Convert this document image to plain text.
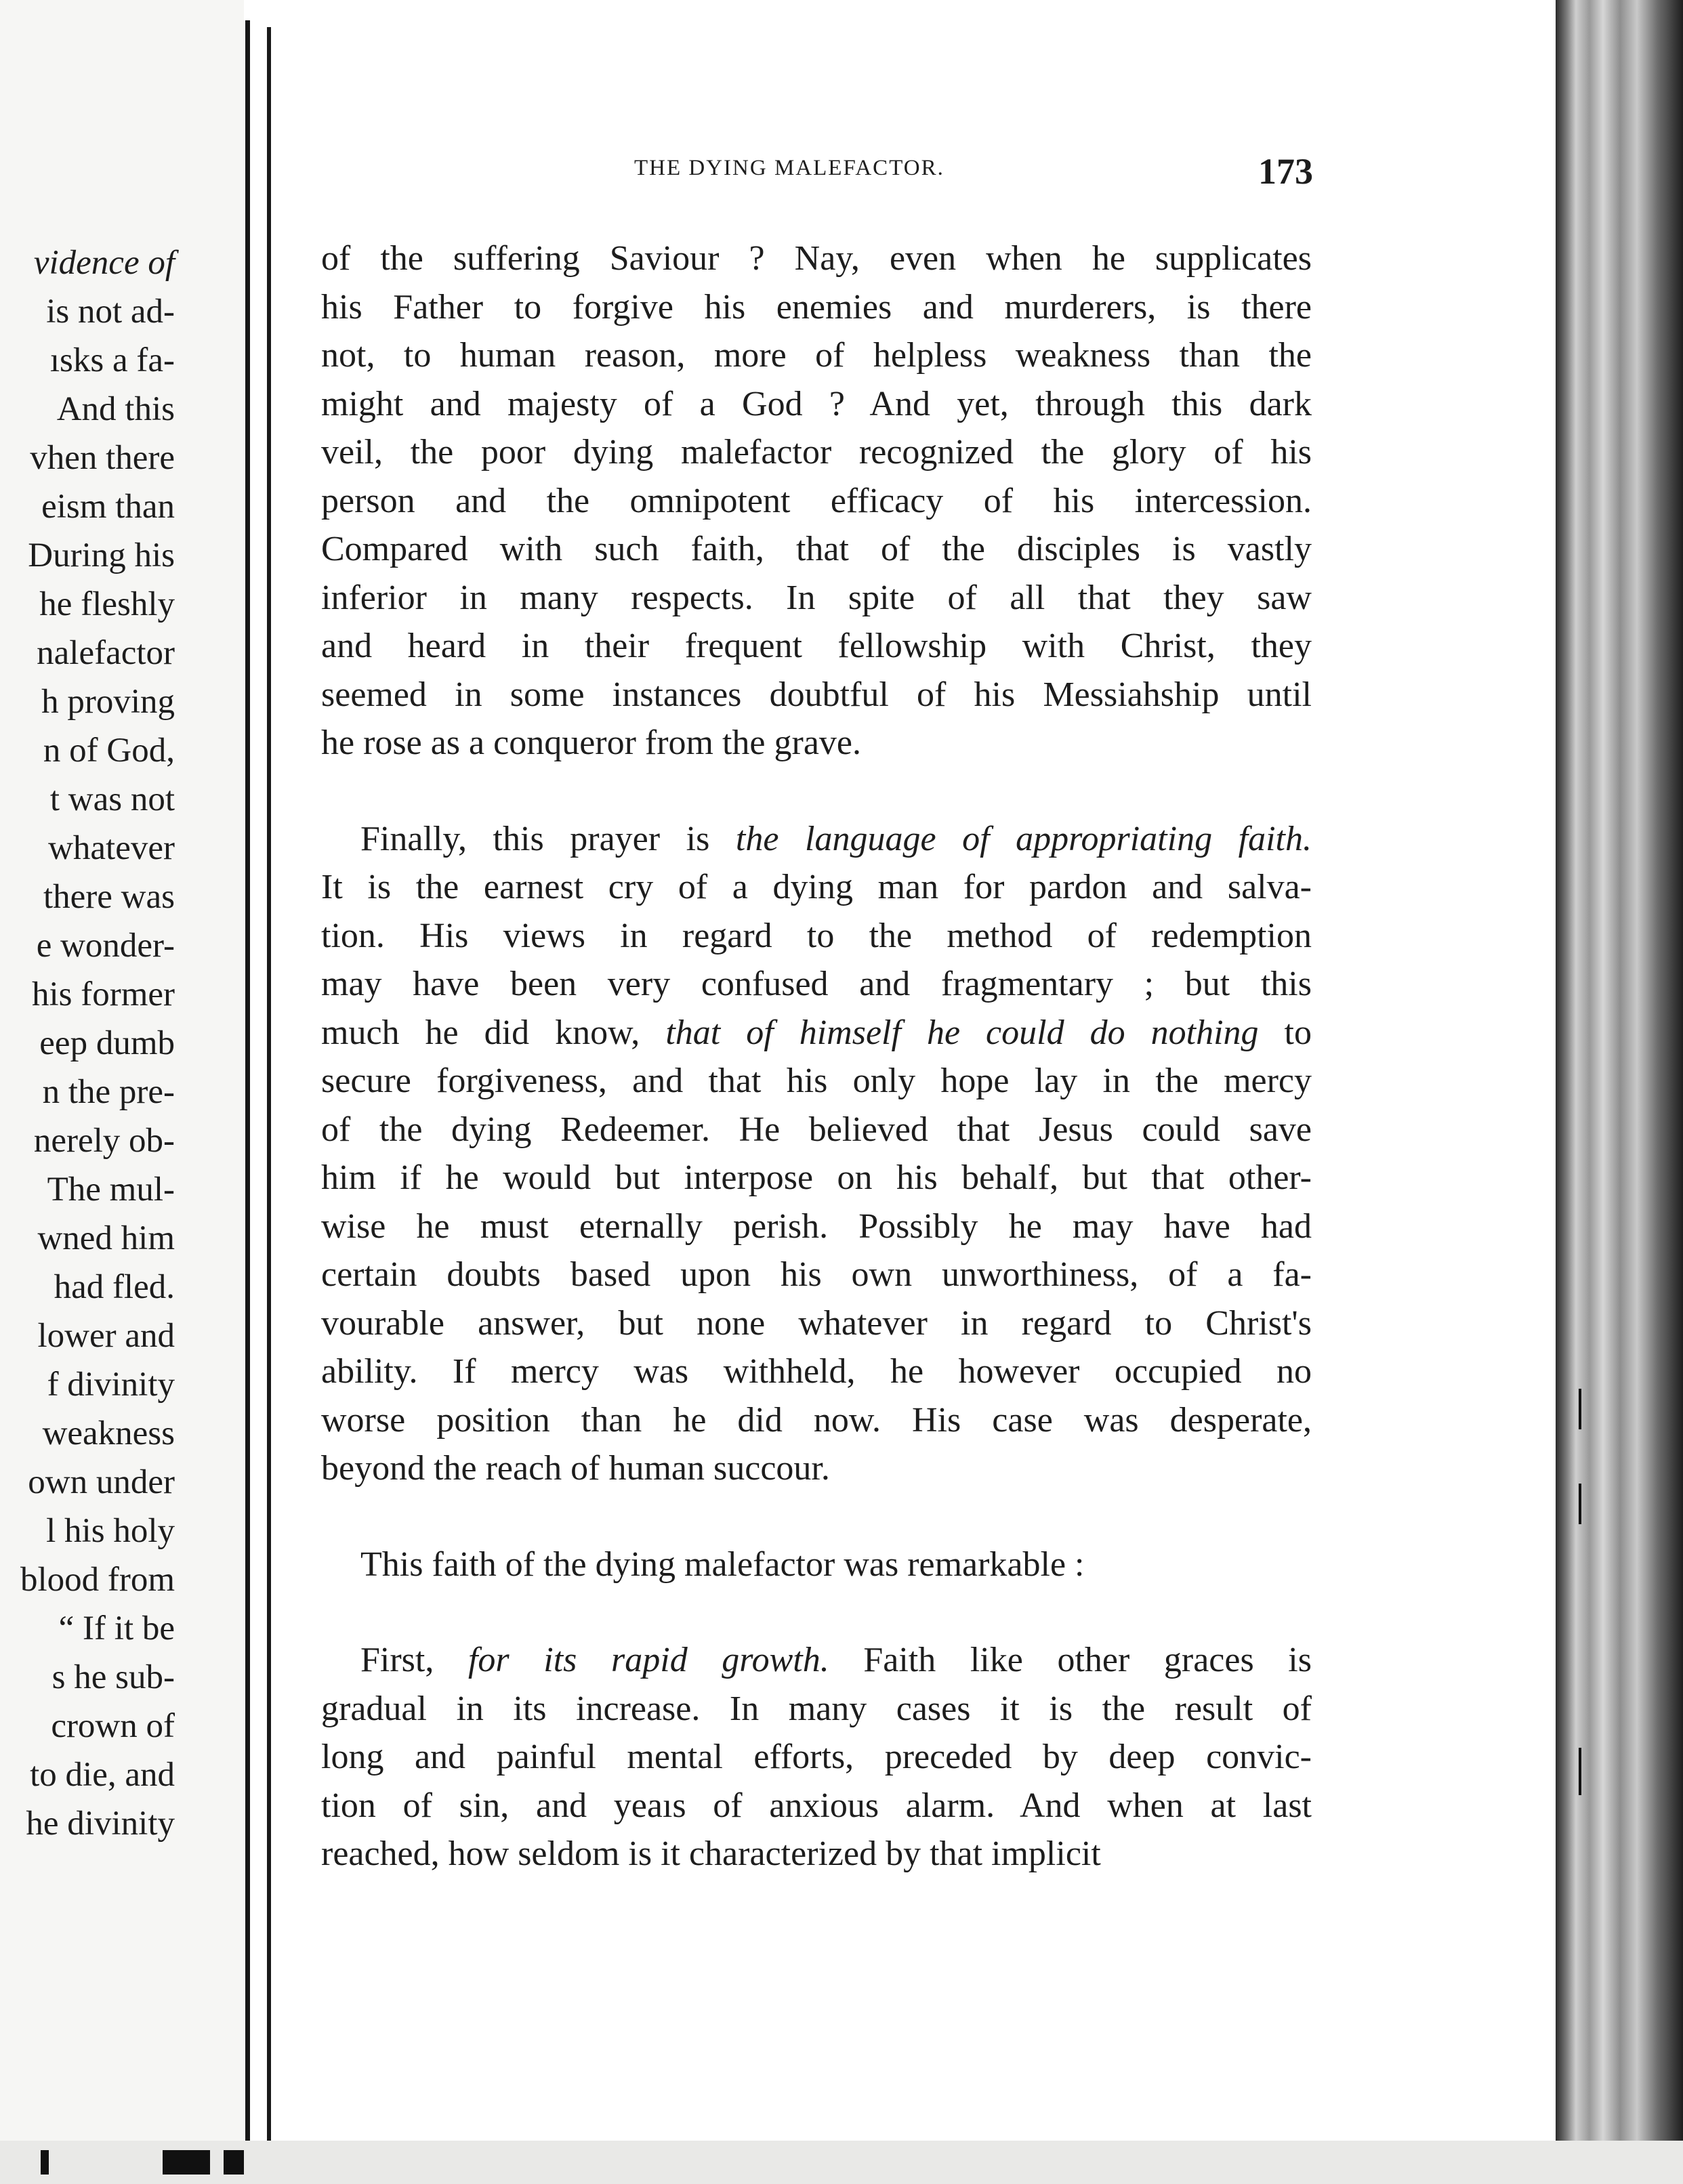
vidence of
is not ad-
ısks a fa-
And this
vhen there
eism than
During his
he fleshly
nalefactor
h proving
n of God,
t was not
whatever
there was
e wonder-
his former
eep dumb
n the pre-
nerely ob-
The mul-
wned him
had fled.
lower and
f divinity
weakness
own under
l his holy
blood from
“ If it be
s he sub-
crown of
to die, and
he divinity
THE DYING MALEFACTOR.	173

of the suffering Saviour ? Nay, even when he supplicates
his Father to forgive his enemies and murderers, is there
not, to human reason, more of helpless weakness than the
might and majesty of a God ? And yet, through this dark
veil, the poor dying malefactor recognized the glory of his
person and the omnipotent efficacy of his intercession.
Compared with such faith, that of the disciples is vastly
inferior in many respects. In spite of all that they saw
and heard in their frequent fellowship with Christ, they
seemed in some instances doubtful of his Messiahship until
he rose as a conqueror from the grave.

Finally, this prayer is the language of appropriating faith.
It is the earnest cry of a dying man for pardon and salva-
tion. His views in regard to the method of redemption
may have been very confused and fragmentary ; but this
much he did know, that of himself he could do nothing to
secure forgiveness, and that his only hope lay in the mercy
of the dying Redeemer. He believed that Jesus could save
him if he would but interpose on his behalf, but that other-
wise he must eternally perish. Possibly he may have had
certain doubts based upon his own unworthiness, of a fa-
vourable answer, but none whatever in regard to Christ's
ability. If mercy was withheld, he however occupied no
worse position than he did now. His case was desperate,
beyond the reach of human succour.

This faith of the dying malefactor was remarkable :

First, for its rapid growth. Faith like other graces is
gradual in its increase. In many cases it is the result of
long and painful mental efforts, preceded by deep convic-
tion of sin, and yeaıs of anxious alarm. And when at last
reached, how seldom is it characterized by that implicit
